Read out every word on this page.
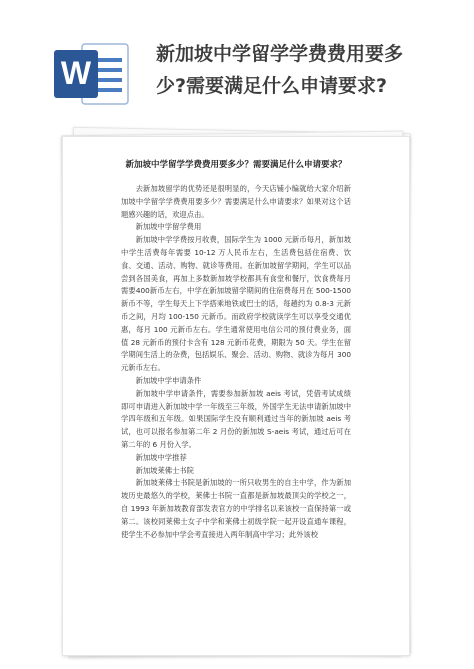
W
新加坡中学留学学费费用要多
少?需要满足什么申请要求?
新加坡中学留学学费费用要多少？需要满足什么申请要求？

去新加坡留学的优势还是很明显的，今天店铺小编就给大家介绍新加坡中学留学学费费用要多少？需要满足什么申请要求？如果对这个话题感兴趣的话，欢迎点击。

新加坡中学留学费用

新加坡中学学费按月收费，国际学生为 1000 元新币每月，新加坡中学生活费每年需要 10-12 万人民币左右，生活费包括住宿费、饮食、交通、活动、购物、就诊等费用。在新加坡留学期间，学生可以品尝到各国美食，再加上多数新加坡学校都具有食堂和餐厅，饮食费每月需要400新币左右，中学在新加坡留学期间的住宿费每月在 500-1500 新币不等，学生每天上下学搭乘地铁或巴士的话，每趟约为 0.8-3 元新币之间，月均 100-150 元新币。而政府学校就读学生可以享受交通优惠，每月 100 元新币左右。学生通常使用电信公司的预付费业务，面值 28 元新币的预付卡含有 128 元新币花费，期限为 50 天。学生在留学期间生活上的杂费，包括娱乐、聚会、活动、购物、就诊为每月 300 元新币左右。

新加坡中学申请条件

新加坡中学申请条件，需要参加新加坡 aeis 考试，凭借考试成绩即可申请进入新加坡中学一年级至三年级，外国学生无法申请新加坡中学四年级和五年级。如果国际学生没有顺利通过当年的新加坡 aeis 考试，也可以报名参加第二年 2 月份的新加坡 S-aeis 考试，通过后可在第二年的 6 月份入学。

新加坡中学推荐

新加坡莱佛士书院

新加坡莱佛士书院是新加坡的一所只收男生的自主中学，作为新加坡历史最悠久的学校，莱佛士书院一直都是新加坡最顶尖的学校之一，自 1993 年新加坡教育部发表官方的中学排名以来该校一直保持第一或第二。该校同莱佛士女子中学和莱佛士初级学院一起开设直通车课程，使学生不必参加中学会考直接进入两年制高中学习；此外该校
